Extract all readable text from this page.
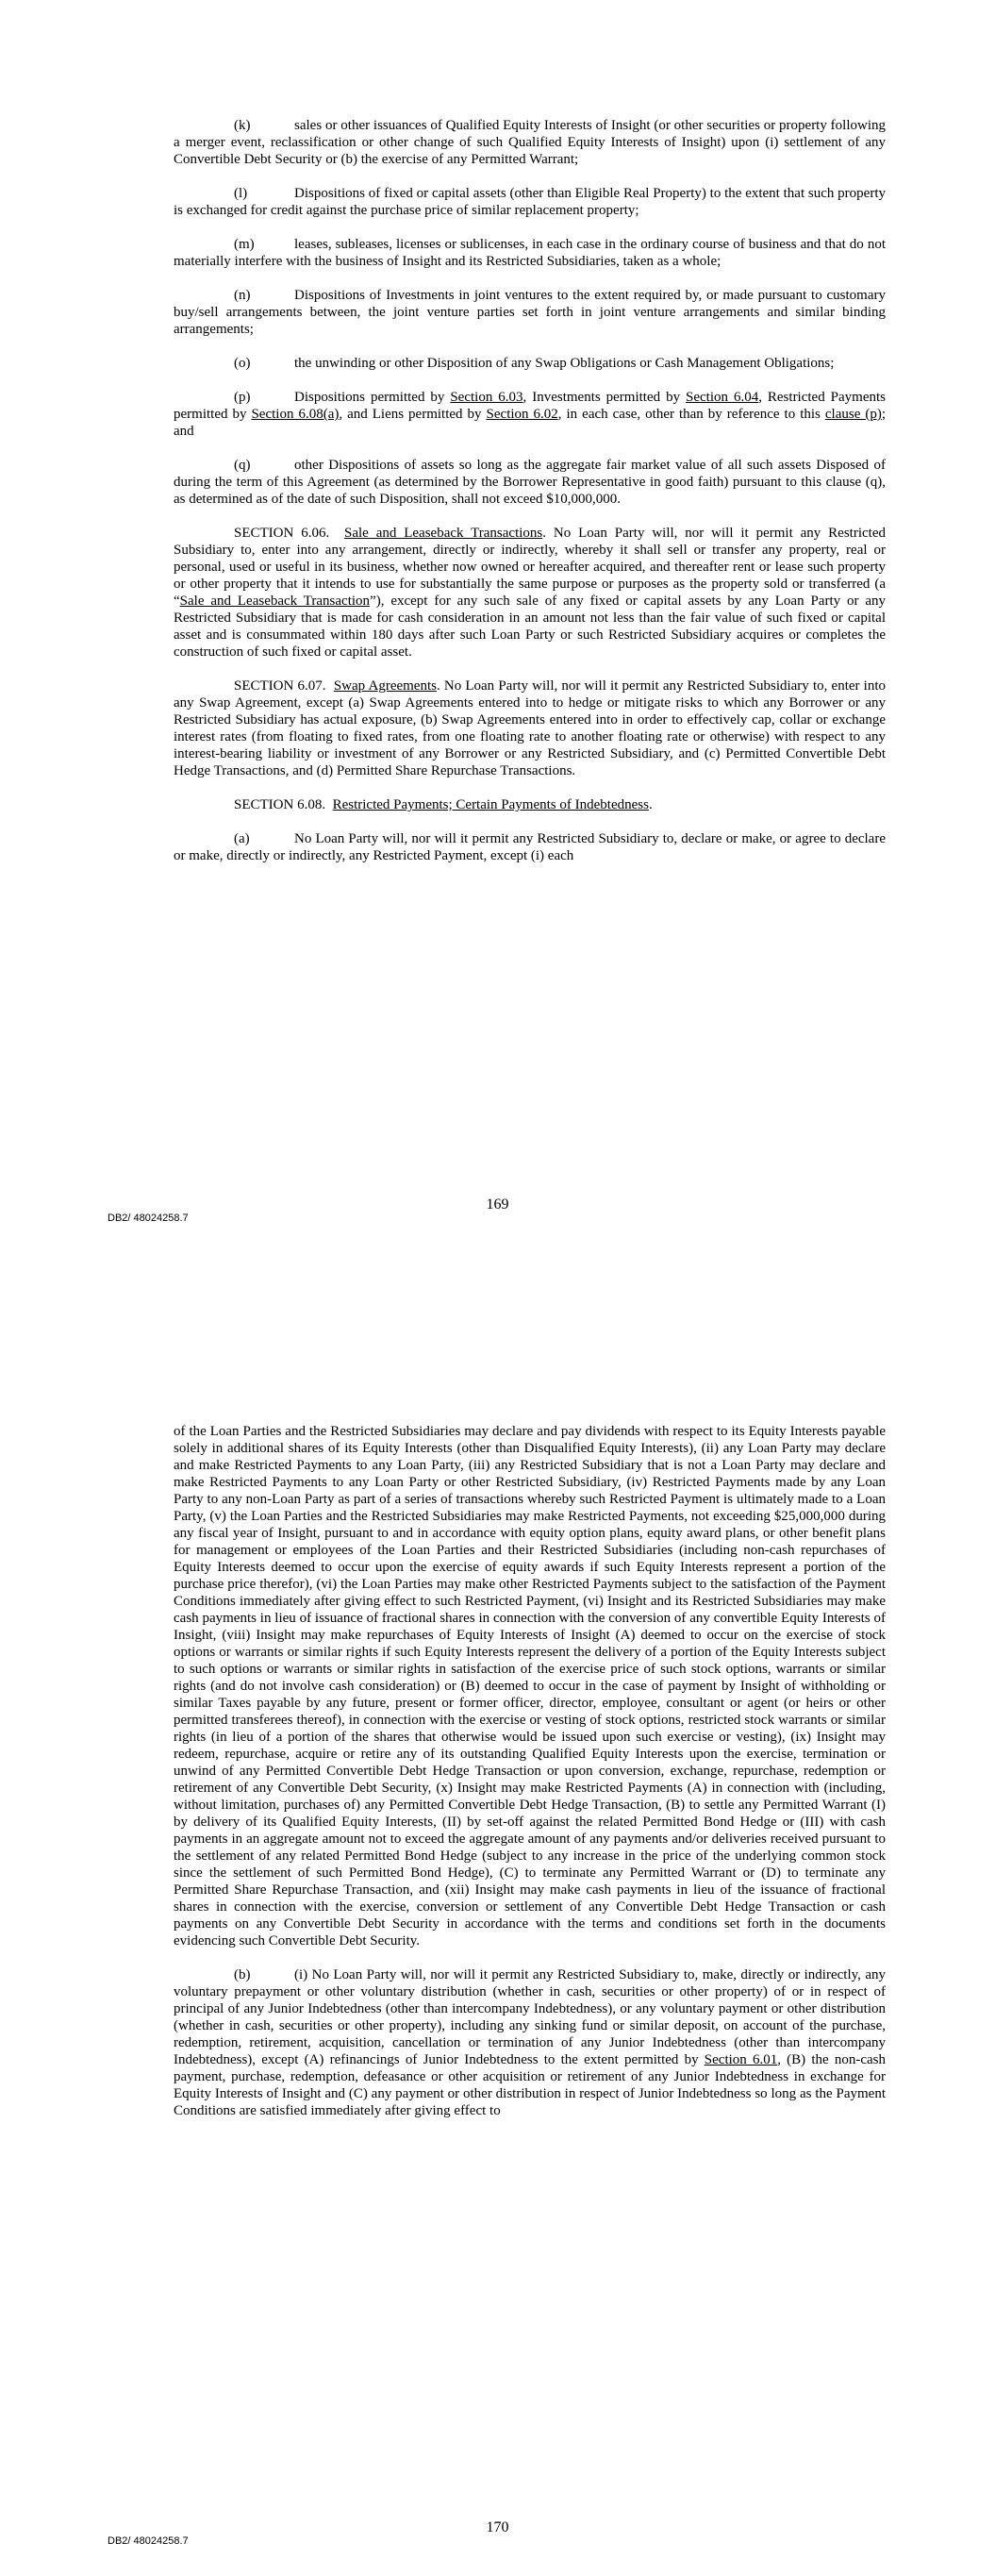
(k)	sales or other issuances of Qualified Equity Interests of Insight (or other securities or property following a merger event, reclassification or other change of such Qualified Equity Interests of Insight) upon (i) settlement of any Convertible Debt Security or (b) the exercise of any Permitted Warrant;

(l)	Dispositions of fixed or capital assets (other than Eligible Real Property) to the extent that such property is exchanged for credit against the purchase price of similar replacement property;

(m)	leases, subleases, licenses or sublicenses, in each case in the ordinary course of business and that do not materially interfere with the business of Insight and its Restricted Subsidiaries, taken as a whole;

(n)	Dispositions of Investments in joint ventures to the extent required by, or made pursuant to customary buy/sell arrangements between, the joint venture parties set forth in joint venture arrangements and similar binding arrangements;

(o)	the unwinding or other Disposition of any Swap Obligations or Cash Management Obligations;

(p)	Dispositions permitted by Section 6.03, Investments permitted by Section 6.04, Restricted Payments permitted by Section 6.08(a), and Liens permitted by Section 6.02, in each case, other than by reference to this clause (p); and

(q)	other Dispositions of assets so long as the aggregate fair market value of all such assets Disposed of during the term of this Agreement (as determined by the Borrower Representative in good faith) pursuant to this clause (q), as determined as of the date of such Disposition, shall not exceed $10,000,000.

SECTION 6.06. Sale and Leaseback Transactions. No Loan Party will, nor will it permit any Restricted Subsidiary to, enter into any arrangement, directly or indirectly, whereby it shall sell or transfer any property, real or personal, used or useful in its business, whether now owned or hereafter acquired, and thereafter rent or lease such property or other property that it intends to use for substantially the same purpose or purposes as the property sold or transferred (a “Sale and Leaseback Transaction”), except for any such sale of any fixed or capital assets by any Loan Party or any Restricted Subsidiary that is made for cash consideration in an amount not less than the fair value of such fixed or capital asset and is consummated within 180 days after such Loan Party or such Restricted Subsidiary acquires or completes the construction of such fixed or capital asset.

SECTION 6.07. Swap Agreements. No Loan Party will, nor will it permit any Restricted Subsidiary to, enter into any Swap Agreement, except (a) Swap Agreements entered into to hedge or mitigate risks to which any Borrower or any Restricted Subsidiary has actual exposure, (b) Swap Agreements entered into in order to effectively cap, collar or exchange interest rates (from floating to fixed rates, from one floating rate to another floating rate or otherwise) with respect to any interest-bearing liability or investment of any Borrower or any Restricted Subsidiary, and (c) Permitted Convertible Debt Hedge Transactions, and (d) Permitted Share Repurchase Transactions.

SECTION 6.08. Restricted Payments; Certain Payments of Indebtedness.

(a)	No Loan Party will, nor will it permit any Restricted Subsidiary to, declare or make, or agree to declare or make, directly or indirectly, any Restricted Payment, except (i) each

DB2/ 48024258.7
169

of the Loan Parties and the Restricted Subsidiaries may declare and pay dividends with respect to its Equity Interests payable solely in additional shares of its Equity Interests (other than Disqualified Equity Interests), (ii) any Loan Party may declare and make Restricted Payments to any Loan Party, (iii) any Restricted Subsidiary that is not a Loan Party may declare and make Restricted Payments to any Loan Party or other Restricted Subsidiary, (iv) Restricted Payments made by any Loan Party to any non-Loan Party as part of a series of transactions whereby such Restricted Payment is ultimately made to a Loan Party, (v) the Loan Parties and the Restricted Subsidiaries may make Restricted Payments, not exceeding $25,000,000 during any fiscal year of Insight, pursuant to and in accordance with equity option plans, equity award plans, or other benefit plans for management or employees of the Loan Parties and their Restricted Subsidiaries (including non-cash repurchases of Equity Interests deemed to occur upon the exercise of equity awards if such Equity Interests represent a portion of the purchase price therefor), (vi) the Loan Parties may make other Restricted Payments subject to the satisfaction of the Payment Conditions immediately after giving effect to such Restricted Payment, (vi) Insight and its Restricted Subsidiaries may make cash payments in lieu of issuance of fractional shares in connection with the conversion of any convertible Equity Interests of Insight, (viii) Insight may make repurchases of Equity Interests of Insight (A) deemed to occur on the exercise of stock options or warrants or similar rights if such Equity Interests represent the delivery of a portion of the Equity Interests subject to such options or warrants or similar rights in satisfaction of the exercise price of such stock options, warrants or similar rights (and do not involve cash consideration) or (B) deemed to occur in the case of payment by Insight of withholding or similar Taxes payable by any future, present or former officer, director, employee, consultant or agent (or heirs or other permitted transferees thereof), in connection with the exercise or vesting of stock options, restricted stock warrants or similar rights (in lieu of a portion of the shares that otherwise would be issued upon such exercise or vesting), (ix) Insight may redeem, repurchase, acquire or retire any of its outstanding Qualified Equity Interests upon the exercise, termination or unwind of any Permitted Convertible Debt Hedge Transaction or upon conversion, exchange, repurchase, redemption or retirement of any Convertible Debt Security, (x) Insight may make Restricted Payments (A) in connection with (including, without limitation, purchases of) any Permitted Convertible Debt Hedge Transaction, (B) to settle any Permitted Warrant (I) by delivery of its Qualified Equity Interests, (II) by set-off against the related Permitted Bond Hedge or (III) with cash payments in an aggregate amount not to exceed the aggregate amount of any payments and/or deliveries received pursuant to the settlement of any related Permitted Bond Hedge (subject to any increase in the price of the underlying common stock since the settlement of such Permitted Bond Hedge), (C) to terminate any Permitted Warrant or (D) to terminate any Permitted Share Repurchase Transaction, and (xii) Insight may make cash payments in lieu of the issuance of fractional shares in connection with the exercise, conversion or settlement of any Convertible Debt Hedge Transaction or cash payments on any Convertible Debt Security in accordance with the terms and conditions set forth in the documents evidencing such Convertible Debt Security.

(b)	(i) No Loan Party will, nor will it permit any Restricted Subsidiary to, make, directly or indirectly, any voluntary prepayment or other voluntary distribution (whether in cash, securities or other property) of or in respect of principal of any Junior Indebtedness (other than intercompany Indebtedness), or any voluntary payment or other distribution (whether in cash, securities or other property), including any sinking fund or similar deposit, on account of the purchase, redemption, retirement, acquisition, cancellation or termination of any Junior Indebtedness (other than intercompany Indebtedness), except (A) refinancings of Junior Indebtedness to the extent permitted by Section 6.01, (B) the non-cash payment, purchase, redemption, defeasance or other acquisition or retirement of any Junior Indebtedness in exchange for Equity Interests of Insight and (C) any payment or other distribution in respect of Junior Indebtedness so long as the Payment Conditions are satisfied immediately after giving effect to

DB2/ 48024258.7
170
